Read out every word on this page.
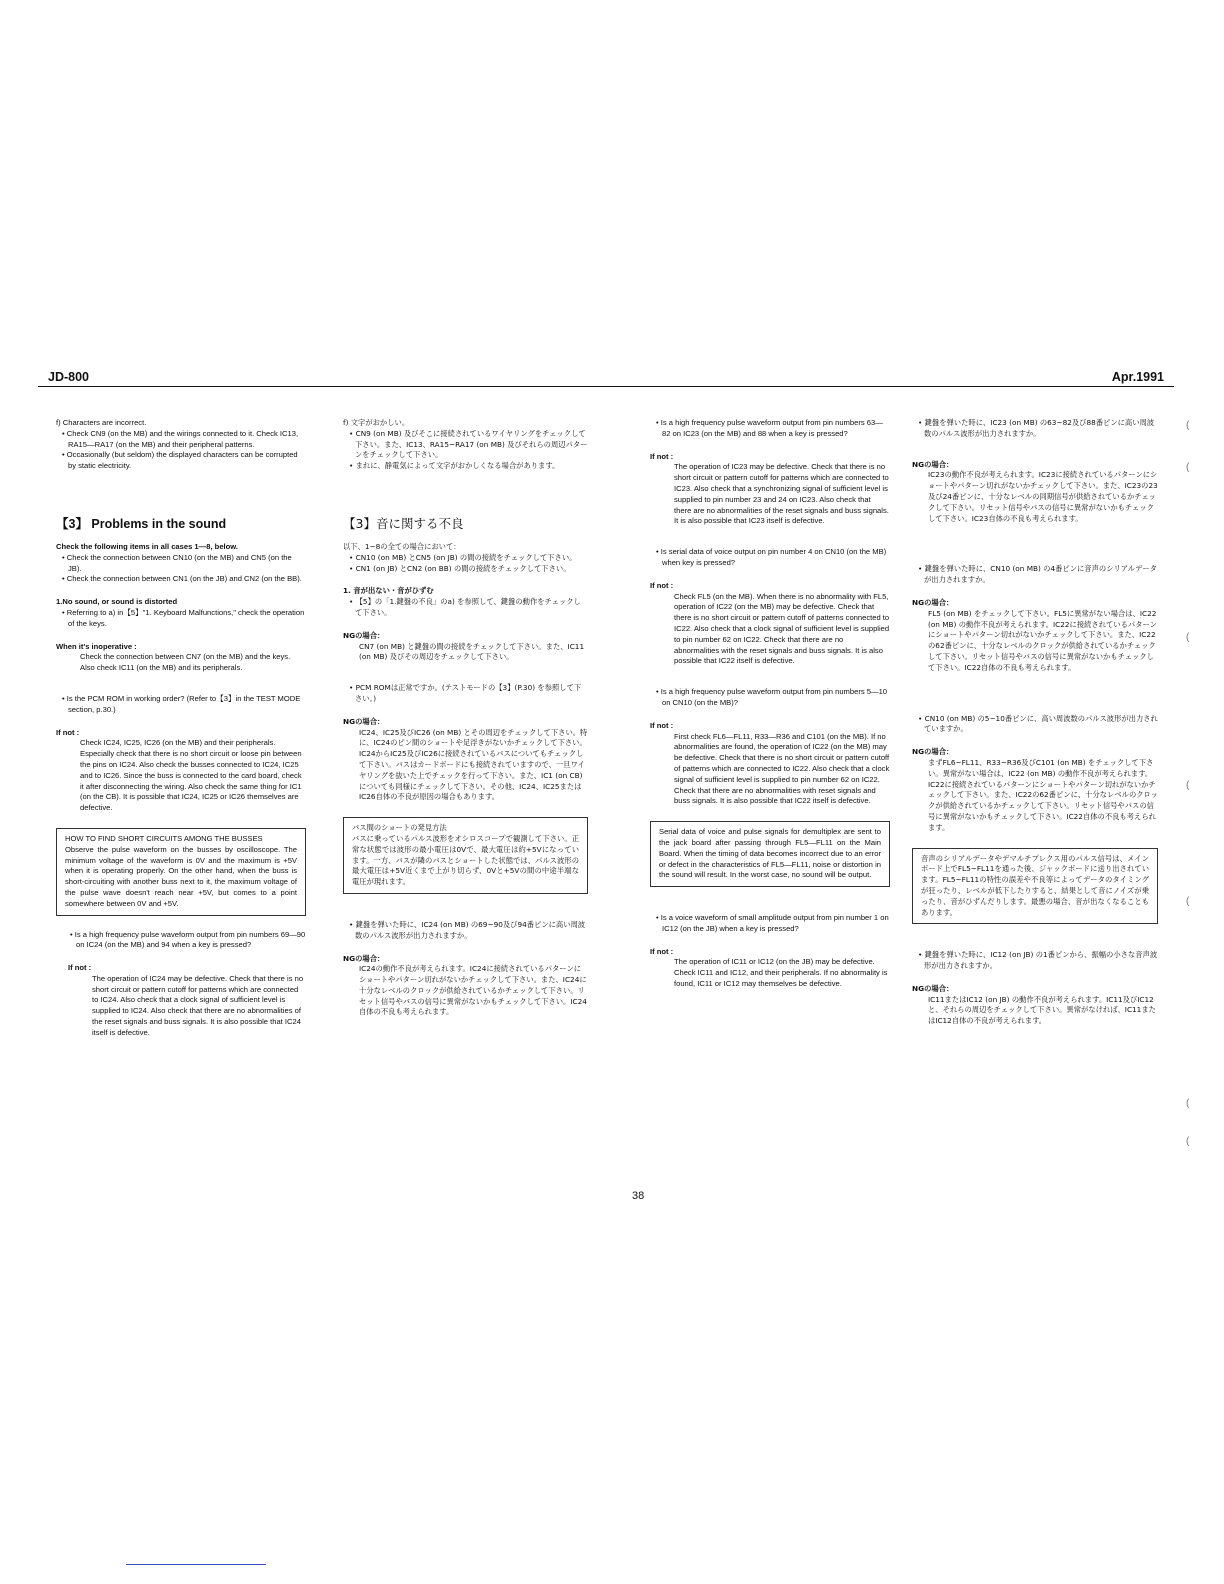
JD-800	Apr.1991

f) Characters are incorrect.

• Check CN9 (on the MB) and the wirings connected to it. Check IC13, RA15—RA17 (on the MB) and their peripheral patterns.

• Occasionally (but seldom) the displayed characters can be corrupted by static electricity.

【3】 Problems in the sound

Check the following items in all cases 1—8, below.

• Check the connection between CN10 (on the MB) and CN5 (on the JB).

• Check the connection between CN1 (on the JB) and CN2 (on the BB).

1.No sound, or sound is distorted

• Referring to a) in【5】"1. Keyboard Malfunctions," check the operation of the keys.

When it's inoperative :

Check the connection between CN7 (on the MB) and the keys. Also check IC11 (on the MB) and its peripherals.

• Is the PCM ROM in working order? (Refer to【3】in the TEST MODE section, p.30.)

If not :

Check IC24, IC25, IC26 (on the MB) and their peripherals. Especially check that there is no short circuit or loose pin between the pins on IC24. Also check the busses connected to IC24, IC25 and to IC26. Since the buss is connected to the card board, check it after disconnecting the wiring. Also check the same thing for IC1 (on the CB). It is possible that IC24, IC25 or IC26 themselves are defective.

HOW TO FIND SHORT CIRCUITS AMONG THE BUSSES

Observe the pulse waveform on the busses by oscilloscope. The minimum voltage of the waveform is 0V and the maximum is +5V when it is operating properly. On the other hand, when the buss is short-circuiting with another buss next to it, the maximum voltage of the pulse wave doesn't reach near +5V, but comes to a point somewhere between 0V and +5V.

• Is a high frequency pulse waveform output from pin numbers 69—90 on IC24 (on the MB) and 94 when a key is pressed?

If not :

The operation of IC24 may be defective. Check that there is no short circuit or pattern cutoff for patterns which are connected to IC24. Also check that a clock signal of sufficient level is supplied to IC24. Also check that there are no abnormalities of the reset signals and buss signals. It is also possible that IC24 itself is defective.

f) 文字がおかしい。

• CN9 (on MB) 及びそこに接続されているワイヤリングをチェックして下さい。また、IC13、RA15~RA17 (on MB) 及びそれらの周辺パターンをチェックして下さい。

• まれに、静電気によって文字がおかしくなる場合があります。

【3】音に関する不良

以下、1~8の全ての場合において：

• CN10 (on MB) とCN5 (on JB) の間の接続をチェックして下さい。

• CN1 (on JB) とCN2 (on BB) の間の接続をチェックして下さい。

1. 音が出ない・音がひずむ

• 【5】の「1.鍵盤の不良」のa) を参照して、鍵盤の動作をチェックして下さい。

NGの場合：

CN7 (on MB) と鍵盤の間の接続をチェックして下さい。また、IC11 (on MB) 及びその周辺をチェックして下さい。

• PCM ROMは正常ですか。(テストモードの【3】(P.30) を参照して下さい。)

NGの場合：

IC24、IC25及びIC26 (on MB) とその周辺をチェックして下さい。特に、IC24のピン間のショートや足浮きがないかチェックして下さい。IC24からIC25及びIC26に接続されているバスについてもチェックして下さい。バスはカードボードにも接続されていますので、一旦ワイヤリングを抜いた上でチェックを行って下さい。また、IC1 (on CB) についても同様にチェックして下さい。その他、IC24、IC25またはIC26自体の不良が原因の場合もあります。

バス間のショートの発見方法

バスに乗っているパルス波形をオシロスコープで観測して下さい。正常な状態では波形の最小電圧は0Vで、最大電圧は約+5Vになっています。一方、バスが隣のバスとショートした状態では、パルス波形の最大電圧は+5V近くまで上がり切らず、0Vと+5Vの間の中途半端な電圧が現れます。

• 鍵盤を弾いた時に、IC24 (on MB) の69~90及び94番ピンに高い周波数のパルス波形が出力されますか。

NGの場合：

IC24の動作不良が考えられます。IC24に接続されているパターンにショートやパターン切れがないかチェックして下さい。また、IC24に十分なレベルのクロックが供給されているかチェックして下さい。リセット信号やバスの信号に異常がないかもチェックして下さい。IC24自体の不良も考えられます。

• Is a high frequency pulse waveform output from pin numbers 63—82 on IC23 (on the MB) and 88 when a key is pressed?

If not :

The operation of IC23 may be defective. Check that there is no short circuit or pattern cutoff for patterns which are connected to IC23. Also check that a synchronizing signal of sufficient level is supplied to pin number 23 and 24 on IC23. Also check that there are no abnormalities of the reset signals and buss signals. It is also possible that IC23 itself is defective.

• Is serial data of voice output on pin number 4 on CN10 (on the MB) when key is pressed?

If not :

Check FL5 (on the MB). When there is no abnormality with FL5, operation of IC22 (on the MB) may be defective. Check that there is no short circuit or pattern cutoff of patterns connected to IC22. Also check that a clock signal of sufficient level is supplied to pin number 62 on IC22. Check that there are no abnormalities with the reset signals and buss signals. It is also possible that IC22 itself is defective.

• Is a high frequency pulse waveform output from pin numbers 5—10 on CN10 (on the MB)?

If not :

First check FL6—FL11, R33—R36 and C101 (on the MB). If no abnormalities are found, the operation of IC22 (on the MB) may be defective. Check that there is no short circuit or pattern cutoff of patterns which are connected to IC22. Also check that a clock signal of sufficient level is supplied to pin number 62 on IC22. Check that there are no abnormalities with reset signals and buss signals. It is also possible that IC22 itself is defective.

Serial data of voice and pulse signals for demultiplex are sent to the jack board after passing through FL5—FL11 on the Main Board. When the timing of data becomes incorrect due to an error or defect in the characteristics of FL5—FL11, noise or distortion in the sound will result. In the worst case, no sound will be output.

• Is a voice waveform of small amplitude output from pin number 1 on IC12 (on the JB) when a key is pressed?

If not :

The operation of IC11 or IC12 (on the JB) may be defective. Check IC11 and IC12, and their peripherals. If no abnormality is found, IC11 or IC12 may themselves be defective.

• 鍵盤を弾いた時に、IC23 (on MB) の63~82及び88番ピンに高い周波数のパルス波形が出力されますか。

NGの場合：

IC23の動作不良が考えられます。IC23に接続されているパターンにショートやパターン切れがないかチェックして下さい。また、IC23の23及び24番ピンに、十分なレベルの同期信号が供給されているかチェックして下さい。リセット信号やバスの信号に異常がないかもチェックして下さい。IC23自体の不良も考えられます。

• 鍵盤を弾いた時に、CN10 (on MB) の4番ピンに音声のシリアルデータが出力されますか。

NGの場合：

FL5 (on MB) をチェックして下さい。FL5に異常がない場合は、IC22 (on MB) の動作不良が考えられます。IC22に接続されているパターンにショートやパターン切れがないかチェックして下さい。また、IC22の62番ピンに、十分なレベルのクロックが供給されているかチェックして下さい。リセット信号やバスの信号に異常がないかもチェックして下さい。IC22自体の不良も考えられます。

• CN10 (on MB) の5~10番ピンに、高い周波数のパルス波形が出力されていますか。

NGの場合：

まずFL6~FL11、R33~R36及びC101 (on MB) をチェックして下さい。異常がない場合は、IC22 (on MB) の動作不良が考えられます。IC22に接続されているパターンにショートやパターン切れがないかチェックして下さい。また、IC22の62番ピンに、十分なレベルのクロックが供給されているかチェックして下さい。リセット信号やバスの信号に異常がないかもチェックして下さい。IC22自体の不良も考えられます。

音声のシリアルデータやデマルチプレクス用のパルス信号は、メインボード上でFL5~FL11を通った後、ジャックボードに送り出されています。FL5~FL11の特性の誤差や不良等によってデータのタイミングが狂ったり、レベルが低下したりすると、結果として音にノイズが乗ったり、音がひずんだりします。最悪の場合、音が出なくなることもあります。

• 鍵盤を弾いた時に、IC12 (on JB) の1番ピンから、振幅の小さな音声波形が出力されますか。

NGの場合：

IC11またはIC12 (on JB) の動作不良が考えられます。IC11及びIC12と、それらの周辺をチェックして下さい。異常がなければ、IC11またはIC12自体の不良が考えられます。

(
(
(
(
(
(
(
38
